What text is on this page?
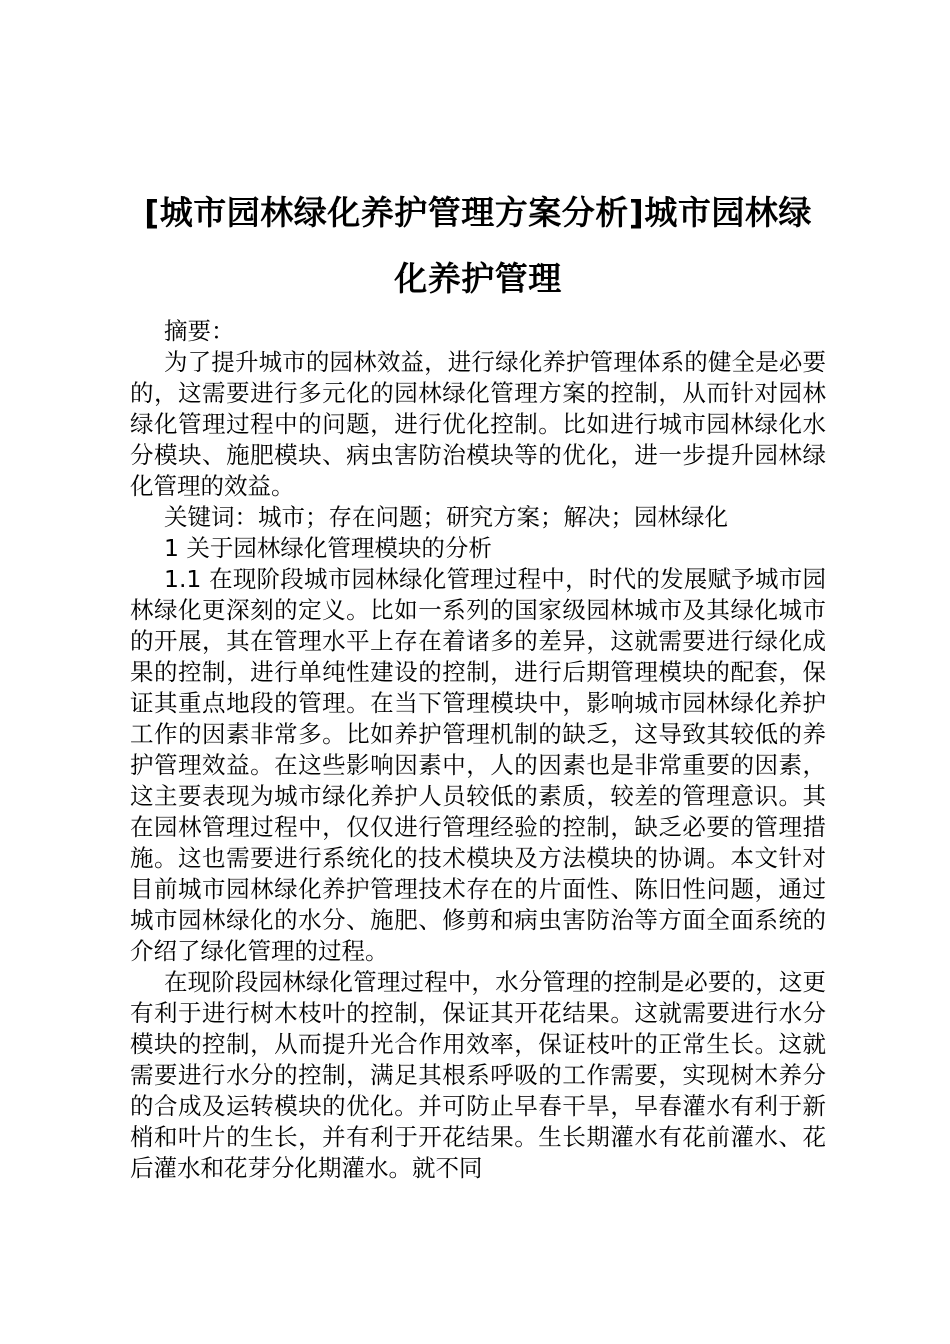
[城市园林绿化养护管理方案分析]城市园林绿化养护管理

摘要：

为了提升城市的园林效益，进行绿化养护管理体系的健全是必要的，这需要进行多元化的园林绿化管理方案的控制，从而针对园林绿化管理过程中的问题，进行优化控制。比如进行城市园林绿化水分模块、施肥模块、病虫害防治模块等的优化，进一步提升园林绿化管理的效益。

关键词：城市；存在问题；研究方案；解决；园林绿化

1 关于园林绿化管理模块的分析

1.1 在现阶段城市园林绿化管理过程中，时代的发展赋予城市园林绿化更深刻的定义。比如一系列的国家级园林城市及其绿化城市的开展，其在管理水平上存在着诸多的差异，这就需要进行绿化成果的控制，进行单纯性建设的控制，进行后期管理模块的配套，保证其重点地段的管理。在当下管理模块中，影响城市园林绿化养护工作的因素非常多。比如养护管理机制的缺乏，这导致其较低的养护管理效益。在这些影响因素中，人的因素也是非常重要的因素，这主要表现为城市绿化养护人员较低的素质，较差的管理意识。其在园林管理过程中，仅仅进行管理经验的控制，缺乏必要的管理措施。这也需要进行系统化的技术模块及方法模块的协调。本文针对目前城市园林绿化养护管理技术存在的片面性、陈旧性问题，通过城市园林绿化的水分、施肥、修剪和病虫害防治等方面全面系统的介绍了绿化管理的过程。

在现阶段园林绿化管理过程中，水分管理的控制是必要的，这更有利于进行树木枝叶的控制，保证其开花结果。这就需要进行水分模块的控制，从而提升光合作用效率，保证枝叶的正常生长。这就需要进行水分的控制，满足其根系呼吸的工作需要，实现树木养分的合成及运转模块的优化。并可防止早春干旱，早春灌水有利于新梢和叶片的生长，并有利于开花结果。生长期灌水有花前灌水、花后灌水和花芽分化期灌水。就不同
